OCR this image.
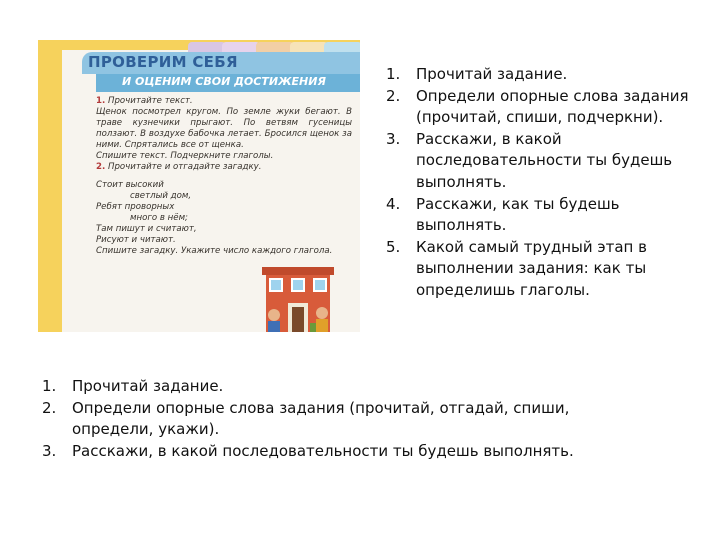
ПРОВЕРИМ СЕБЯ
И ОЦЕНИМ СВОИ ДОСТИЖЕНИЯ

1. Прочитайте текст.

Щенок посмотрел кругом. По земле жуки бегают. В траве кузнечики прыгают. По ветвям гусеницы ползают. В воздухе бабочка летает. Бросился щенок за ними. Спрятались все от щенка.

Спишите текст. Подчеркните глаголы.

2. Прочитайте и отгадайте загадку.

Стоит высокий

светлый дом,

Ребят проворных

много в нём;

Там пишут и считают,

Рисуют и читают.

Спишите загадку. Укажите число каждого глагола.

1. Прочитай задание.
2. Определи опорные слова задания (прочитай, спиши, подчеркни).
3. Расскажи, в какой последовательности ты будешь выполнять.
4. Расскажи, как ты будешь выполнять.
5. Какой самый трудный этап в выполнении задания: как ты определишь глаголы.
1. Прочитай задание.
2. Определи опорные слова задания (прочитай, отгадай, спиши, определи, укажи).
3. Расскажи, в какой последовательности ты будешь выполнять.
